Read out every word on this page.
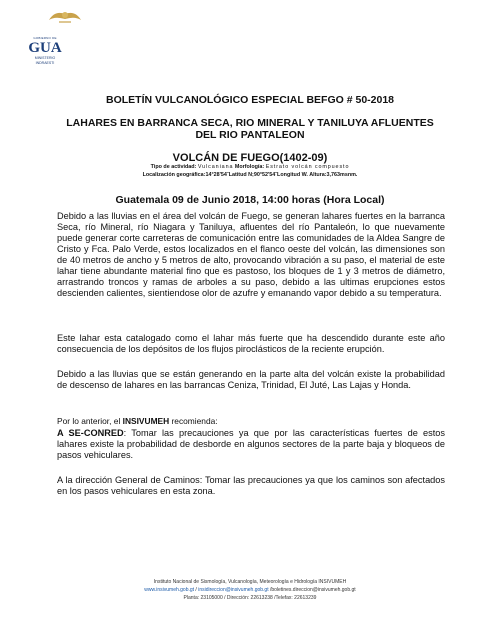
GOBIERNO DE
GUA
MINISTERIO
INDRAESTI
BOLETÍN VULCANOLÓGICO ESPECIAL BEFGO # 50-2018
LAHARES EN BARRANCA SECA, RIO MINERAL Y TANILUYA AFLUENTES DEL RIO PANTALEON
VOLCÁN DE FUEGO(1402-09)
Tipo de actividad: Vulcaniana Morfología: Estrato volcán compuesto
Localización geográfica:14°28'54˝Latitud N;90°52'54˝Longitud W. Altura:3,763msnm.
Guatemala 09 de Junio 2018, 14:00 horas (Hora Local)
Debido a las lluvias en el área del volcán de Fuego, se generan lahares fuertes en la barranca Seca, río Mineral, río Niagara y Taniluya, afluentes del río Pantaleón, lo que nuevamente puede generar corte carreteras de comunicación entre las comunidades de la Aldea Sangre de Cristo y Fca. Palo Verde, estos localizados en el flanco oeste del volcán, las dimensiones son de 40 metros de ancho y 5 metros de alto, provocando vibración a su paso, el material de este lahar tiene abundante material fino que es pastoso, los bloques de 1 y 3 metros de diámetro, arrastrando troncos y ramas de arboles a su paso, debido a las ultimas erupciones estos descienden calientes, sientiendose olor de azufre y emanando vapor debido a su temperatura.
Este lahar esta catalogado como el lahar más fuerte que ha descendido durante este año consecuencia de los depósitos de los flujos piroclásticos de la reciente erupción.
Debido a las lluvias que se están generando en la parte alta del volcán existe la probabilidad de descenso de lahares en las barrancas Ceniza, Trinidad, El Juté, Las Lajas y Honda.
Por lo anterior, el INSIVUMEH recomienda:
A SE-CONRED: Tomar las precauciones ya que por las características fuertes de estos lahares existe la probabilidad de desborde en algunos sectores de la parte baja y bloqueos de pasos vehiculares.
A la dirección General de Caminos: Tomar las precauciones ya que los caminos son afectados en los pasos vehiculares en esta zona.
Instituto Nacional de Sismología, Vulcanología, Meteorología e Hidrología INSIVUMEH
www.insivumeh.gob.gt / insidireccion@insivumeh.gob.gt /boletines.direccion@insivumeh.gob.gt
Planta: 23105000 / Dirección: 22613238 /Telefax: 22613239
